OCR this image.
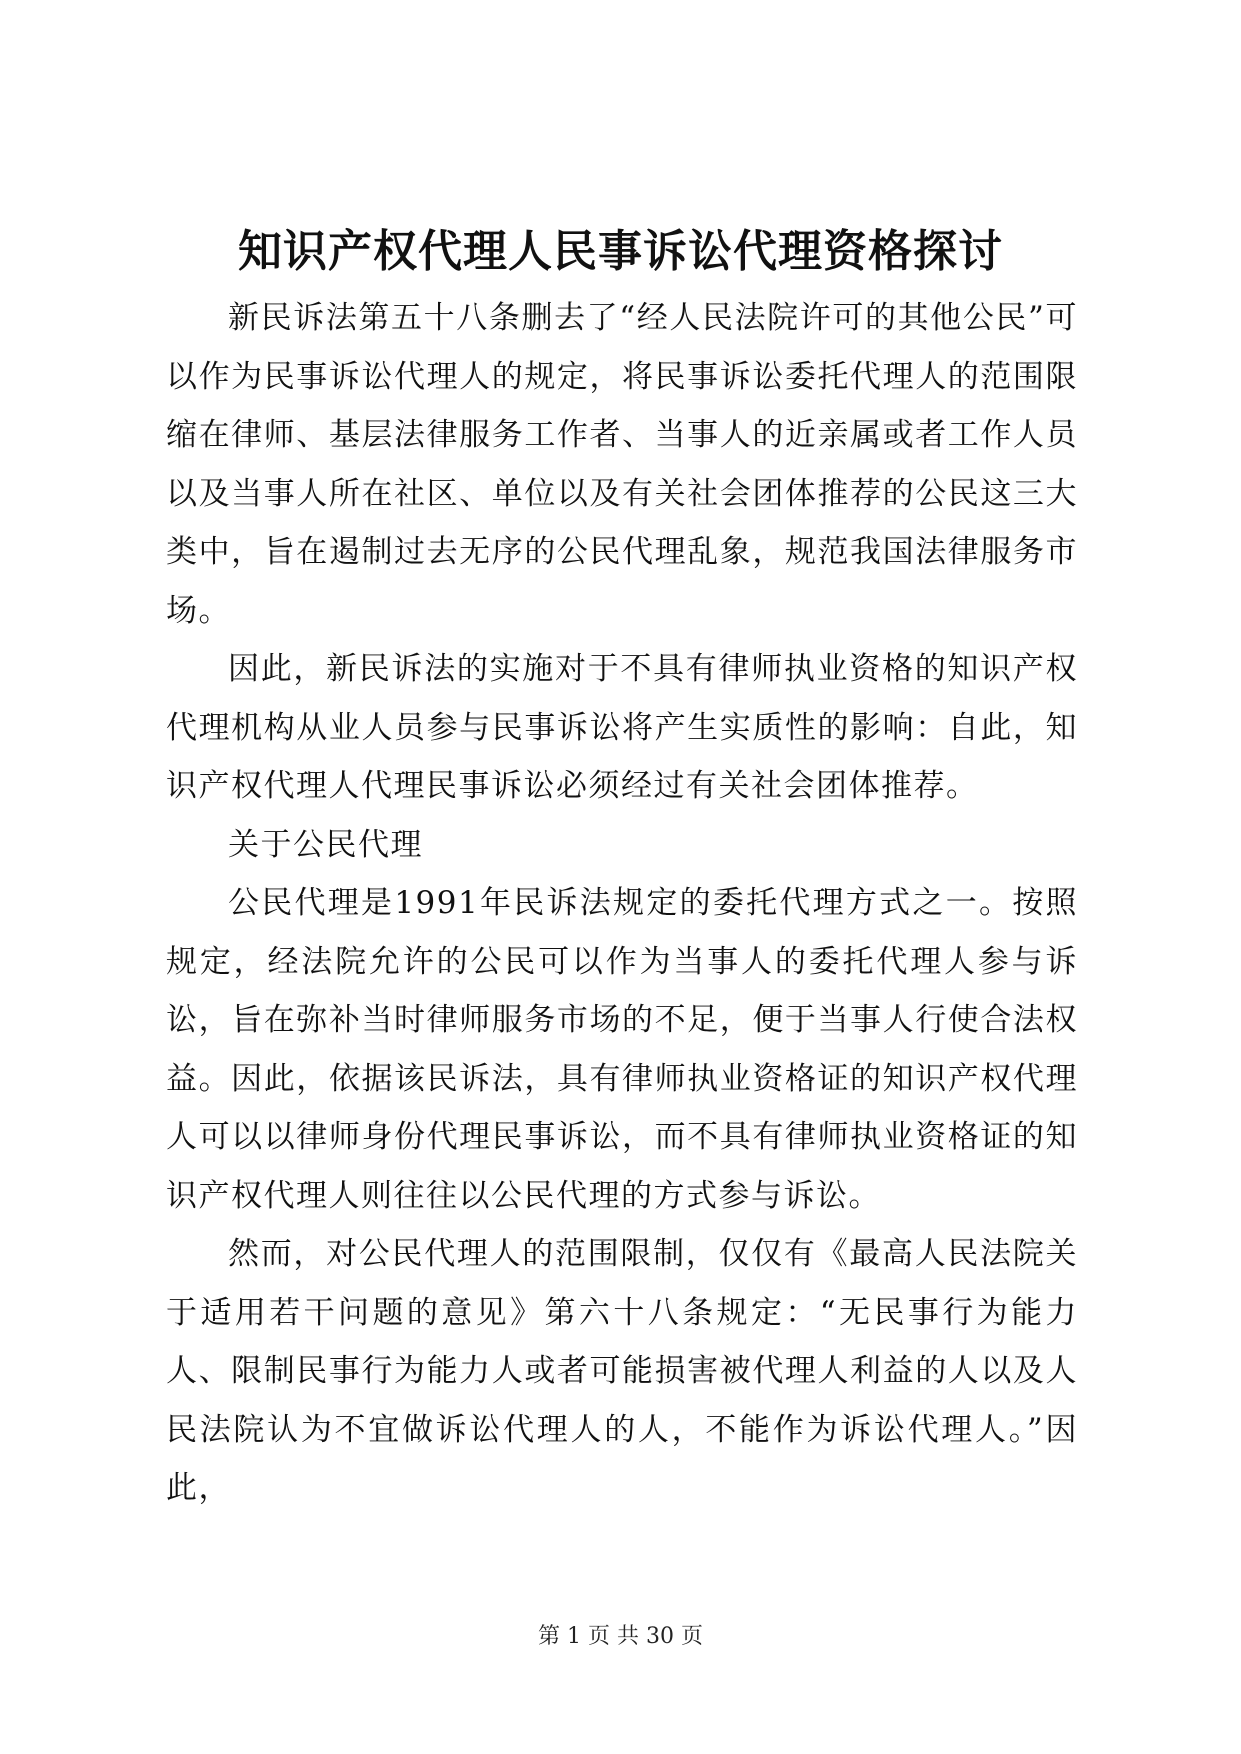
知识产权代理人民事诉讼代理资格探讨

新民诉法第五十八条删去了“经人民法院许可的其他公民”可以作为民事诉讼代理人的规定，将民事诉讼委托代理人的范围限缩在律师、基层法律服务工作者、当事人的近亲属或者工作人员以及当事人所在社区、单位以及有关社会团体推荐的公民这三大类中，旨在遏制过去无序的公民代理乱象，规范我国法律服务市场。

因此，新民诉法的实施对于不具有律师执业资格的知识产权代理机构从业人员参与民事诉讼将产生实质性的影响：自此，知识产权代理人代理民事诉讼必须经过有关社会团体推荐。

关于公民代理

公民代理是1991年民诉法规定的委托代理方式之一。按照规定，经法院允许的公民可以作为当事人的委托代理人参与诉讼，旨在弥补当时律师服务市场的不足，便于当事人行使合法权益。因此，依据该民诉法，具有律师执业资格证的知识产权代理人可以以律师身份代理民事诉讼，而不具有律师执业资格证的知识产权代理人则往往以公民代理的方式参与诉讼。

然而，对公民代理人的范围限制，仅仅有《最高人民法院关于适用若干问题的意见》第六十八条规定：“无民事行为能力人、限制民事行为能力人或者可能损害被代理人利益的人以及人民法院认为不宜做诉讼代理人的人，不能作为诉讼代理人。”因此，

第 1 页 共 30 页
